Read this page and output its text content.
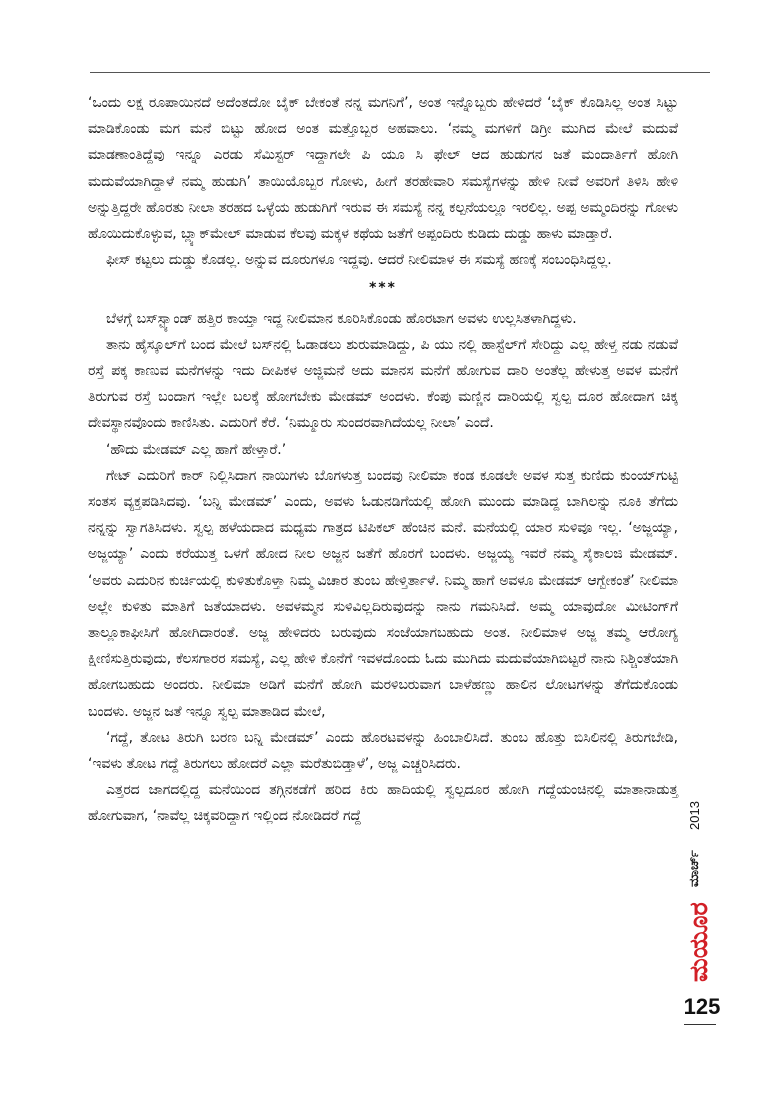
‘ಒಂದು ಲಕ್ಷ ರೂಪಾಯಿನದೆ ಅದೆಂತದೋ ಬೈಕ್ ಬೇಕಂತೆ ನನ್ನ ಮಗನಿಗೆ’, ಅಂತ ಇನ್ನೊಬ್ಬರು ಹೇಳಿದರೆ ‘ಬೈಕ್ ಕೊಡಿಸಿಲ್ಲ ಅಂತ ಸಿಟ್ಟು ಮಾಡಿಕೊಂಡು ಮಗ ಮನೆ ಬಿಟ್ಟು ಹೋದ ಅಂತ ಮತ್ತೊಬ್ಬರ ಅಹವಾಲು. ‘ನಮ್ಮ ಮಗಳಿಗೆ ಡಿಗ್ರೀ ಮುಗಿದ ಮೇಲೆ ಮದುವೆ ಮಾಡಣಾಂತಿದ್ದೆವು ಇನ್ನೂ ಎರಡು ಸೆಮಿಸ್ಟರ್ ಇದ್ದಾಗಲೇ ಪಿ ಯೂ ಸಿ ಫೇಲ್ ಆದ ಹುಡುಗನ ಜತೆ ಮಂದಾರ್ತಿಗೆ ಹೋಗಿ ಮದುವೆಯಾಗಿದ್ದಾಳೆ ನಮ್ಮ ಹುಡುಗಿ’ ತಾಯಿಯೊಬ್ಬರ ಗೋಳು, ಹೀಗೆ ತರಹೇವಾರಿ ಸಮಸ್ಯೆಗಳನ್ನು ಹೇಳಿ ನೀವೆ ಅವರಿಗೆ ತಿಳಿಸಿ ಹೇಳಿ ಅನ್ನುತ್ತಿದ್ದರೇ ಹೊರತು ನೀಲಾ ತರಹದ ಒಳ್ಳೆಯ ಹುಡುಗಿಗೆ ಇರುವ ಈ ಸಮಸ್ಯೆ ನನ್ನ ಕಲ್ಪನೆಯಲ್ಲೂ ಇರಲಿಲ್ಲ. ಅಪ್ಪ ಅಮ್ಮಂದಿರನ್ನು ಗೋಳು ಹೊಯಿದುಕೊಳ್ಳುವ, ಬ್ಲ್ಯಾಕ್‌ಮೇಲ್ ಮಾಡುವ ಕೆಲವು ಮಕ್ಕಳ ಕಥೆಯ ಜತೆಗೆ ಅಪ್ಪಂದಿರು ಕುಡಿದು ದುಡ್ಡು ಹಾಳು ಮಾಡ್ತಾರೆ.

ಫೀಸ್ ಕಟ್ಟಲು ದುಡ್ಡು ಕೊಡಲ್ಲ. ಅನ್ನುವ ದೂರುಗಳೂ ಇದ್ದವು. ಆದರೆ ನೀಲಿಮಾಳ ಈ ಸಮಸ್ಯೆ ಹಣಕ್ಕೆ ಸಂಬಂಧಿಸಿದ್ದಲ್ಲ.

***

ಬೆಳಗ್ಗೆ ಬಸ್‌ಸ್ಟ್ಯಾಂಡ್ ಹತ್ತಿರ ಕಾಯ್ತಾ ಇದ್ದ ನೀಲಿಮಾನ ಕೂರಿಸಿಕೊಂಡು ಹೊರಟಾಗ ಅವಳು ಉಲ್ಲಸಿತಳಾಗಿದ್ದಳು.

ತಾನು ಹೈಸ್ಕೂಲ್‌ಗೆ ಬಂದ ಮೇಲೆ ಬಸ್‌ನಲ್ಲಿ ಓಡಾಡಲು ಶುರುಮಾಡಿದ್ದು, ಪಿ ಯು ನಲ್ಲಿ ಹಾಸ್ಟೆಲ್‌ಗೆ ಸೇರಿದ್ದು ಎಲ್ಲ ಹೇಳ್ತ ನಡು ನಡುವೆ ರಸ್ತೆ ಪಕ್ಕ ಕಾಣುವ ಮನೆಗಳನ್ನು ಇದು ದೀಪಿಕಳ ಅಜ್ಜಿಮನೆ ಅದು ಮಾನಸ ಮನೆಗೆ ಹೋಗುವ ದಾರಿ ಅಂತೆಲ್ಲ ಹೇಳುತ್ತ ಅವಳ ಮನೆಗೆ ತಿರುಗುವ ರಸ್ತೆ ಬಂದಾಗ ಇಲ್ಲೇ ಬಲಕ್ಕೆ ಹೋಗಬೇಕು ಮೇಡಮ್ ಅಂದಳು. ಕೆಂಪು ಮಣ್ಣಿನ ದಾರಿಯಲ್ಲಿ ಸ್ವಲ್ಪ ದೂರ ಹೋದಾಗ ಚಿಕ್ಕ ದೇವಸ್ಥಾನವೊಂದು ಕಾಣಿಸಿತು. ಎದುರಿಗೆ ಕೆರೆ. ‘ನಿಮ್ಮೂರು ಸುಂದರವಾಗಿದೆಯಲ್ಲ ನೀಲಾ’ ಎಂದೆ.

‘ಹೌದು ಮೇಡಮ್ ಎಲ್ಲ ಹಾಗೆ ಹೇಳ್ತಾರೆ.’

ಗೇಟ್ ಎದುರಿಗೆ ಕಾರ್ ನಿಲ್ಲಿಸಿದಾಗ ನಾಯಿಗಳು ಬೊಗಳುತ್ತ ಬಂದವು ನೀಲಿಮಾ ಕಂಡ ಕೂಡಲೇ ಅವಳ ಸುತ್ತ ಕುಣಿದು ಕುಂಯ್‌ಗುಟ್ಟಿ ಸಂತಸ ವ್ಯಕ್ತಪಡಿಸಿದವು. ‘ಬನ್ನಿ ಮೇಡಮ್’ ಎಂದು, ಅವಳು ಓಡುನಡಿಗೆಯಲ್ಲಿ ಹೋಗಿ ಮುಂದು ಮಾಡಿದ್ದ ಬಾಗಿಲನ್ನು ನೂಕಿ ತೆಗೆದು ನನ್ನನ್ನು ಸ್ವಾಗತಿಸಿದಳು. ಸ್ವಲ್ಪ ಹಳೆಯದಾದ ಮಧ್ಯಮ ಗಾತ್ರದ ಟಿಪಿಕಲ್ ಹೆಂಚಿನ ಮನೆ. ಮನೆಯಲ್ಲಿ ಯಾರ ಸುಳಿವೂ ಇಲ್ಲ. ‘ಅಜ್ಜಯ್ಯಾ, ಅಜ್ಜಯ್ಯಾ’ ಎಂದು ಕರೆಯುತ್ತ ಒಳಗೆ ಹೋದ ನೀಲ ಅಜ್ಜನ ಜತೆಗೆ ಹೊರಗೆ ಬಂದಳು. ಅಜ್ಜಯ್ಯ ಇವರೆ ನಮ್ಮ ಸೈಕಾಲಜಿ ಮೇಡಮ್. ‘ಅವರು ಎದುರಿನ ಕುರ್ಚಿಯಲ್ಲಿ ಕುಳಿತುಕೊಳ್ತಾ ನಿಮ್ಮ ವಿಚಾರ ತುಂಬ ಹೇಳ್ತಿರ್ತಾಳೆ. ನಿಮ್ಮ ಹಾಗೆ ಅವಳೂ ಮೇಡಮ್ ಆಗ್ಬೇಕಂತೆ’ ನೀಲಿಮಾ ಅಲ್ಲೇ ಕುಳಿತು ಮಾತಿಗೆ ಜತೆಯಾದಳು. ಅವಳಮ್ಮನ ಸುಳಿವಿಲ್ಲದಿರುವುದನ್ನು ನಾನು ಗಮನಿಸಿದೆ. ಅಮ್ಮ ಯಾವುದೋ ಮೀಟಿಂಗ್‌ಗೆ ತಾಲ್ಲೂಕಾಫೀಸಿಗೆ ಹೋಗಿದಾರಂತೆ. ಅಜ್ಜ ಹೇಳಿದರು ಬರುವುದು ಸಂಜೆಯಾಗಬಹುದು ಅಂತ. ನೀಲಿಮಾಳ ಅಜ್ಜ ತಮ್ಮ ಆರೋಗ್ಯ ಕ್ಷೀಣಿಸುತ್ತಿರುವುದು, ಕೆಲಸಗಾರರ ಸಮಸ್ಯೆ, ಎಲ್ಲ ಹೇಳಿ ಕೊನೆಗೆ ಇವಳದೊಂದು ಓದು ಮುಗಿದು ಮದುವೆಯಾಗಿಬಿಟ್ಟರೆ ನಾನು ನಿಶ್ಚಿಂತೆಯಾಗಿ ಹೋಗಬಹುದು ಅಂದರು. ನೀಲಿಮಾ ಅಡಿಗೆ ಮನೆಗೆ ಹೋಗಿ ಮರಳಿಬರುವಾಗ ಬಾಳೆಹಣ್ಣು ಹಾಲಿನ ಲೋಟಗಳನ್ನು ತೆಗೆದುಕೊಂಡು ಬಂದಳು. ಅಜ್ಜನ ಜತೆ ಇನ್ನೂ ಸ್ವಲ್ಪ ಮಾತಾಡಿದ ಮೇಲೆ,

‘ಗದ್ದೆ, ತೋಟ ತಿರುಗಿ ಬರಣ ಬನ್ನಿ ಮೇಡಮ್’ ಎಂದು ಹೊರಟವಳನ್ನು ಹಿಂಬಾಲಿಸಿದೆ. ತುಂಬ ಹೊತ್ತು ಬಿಸಿಲಿನಲ್ಲಿ ತಿರುಗಬೇಡಿ, ‘ಇವಳು ತೋಟ ಗದ್ದೆ ತಿರುಗಲು ಹೋದರೆ ಎಲ್ಲಾ ಮರೆತುಬಿಡ್ತಾಳೆ’, ಅಜ್ಜ ಎಚ್ಚರಿಸಿದರು.

ಎತ್ತರದ ಜಾಗದಲ್ಲಿದ್ದ ಮನೆಯಿಂದ ತಗ್ಗಿನಕಡೆಗೆ ಹರಿದ ಕಿರು ಹಾದಿಯಲ್ಲಿ ಸ್ವಲ್ಪದೂರ ಹೋಗಿ ಗದ್ದೆಯಂಚಿನಲ್ಲಿ ಮಾತಾನಾಡುತ್ತ ಹೋಗುವಾಗ, ‘ನಾವೆಲ್ಲ ಚಿಕ್ಕವರಿದ್ದಾಗ ಇಲ್ಲಿಂದ ನೋಡಿದರೆ ಗದ್ದೆ	2013
ಮಾರ್ಚ್
ಮಯೂರ
125
